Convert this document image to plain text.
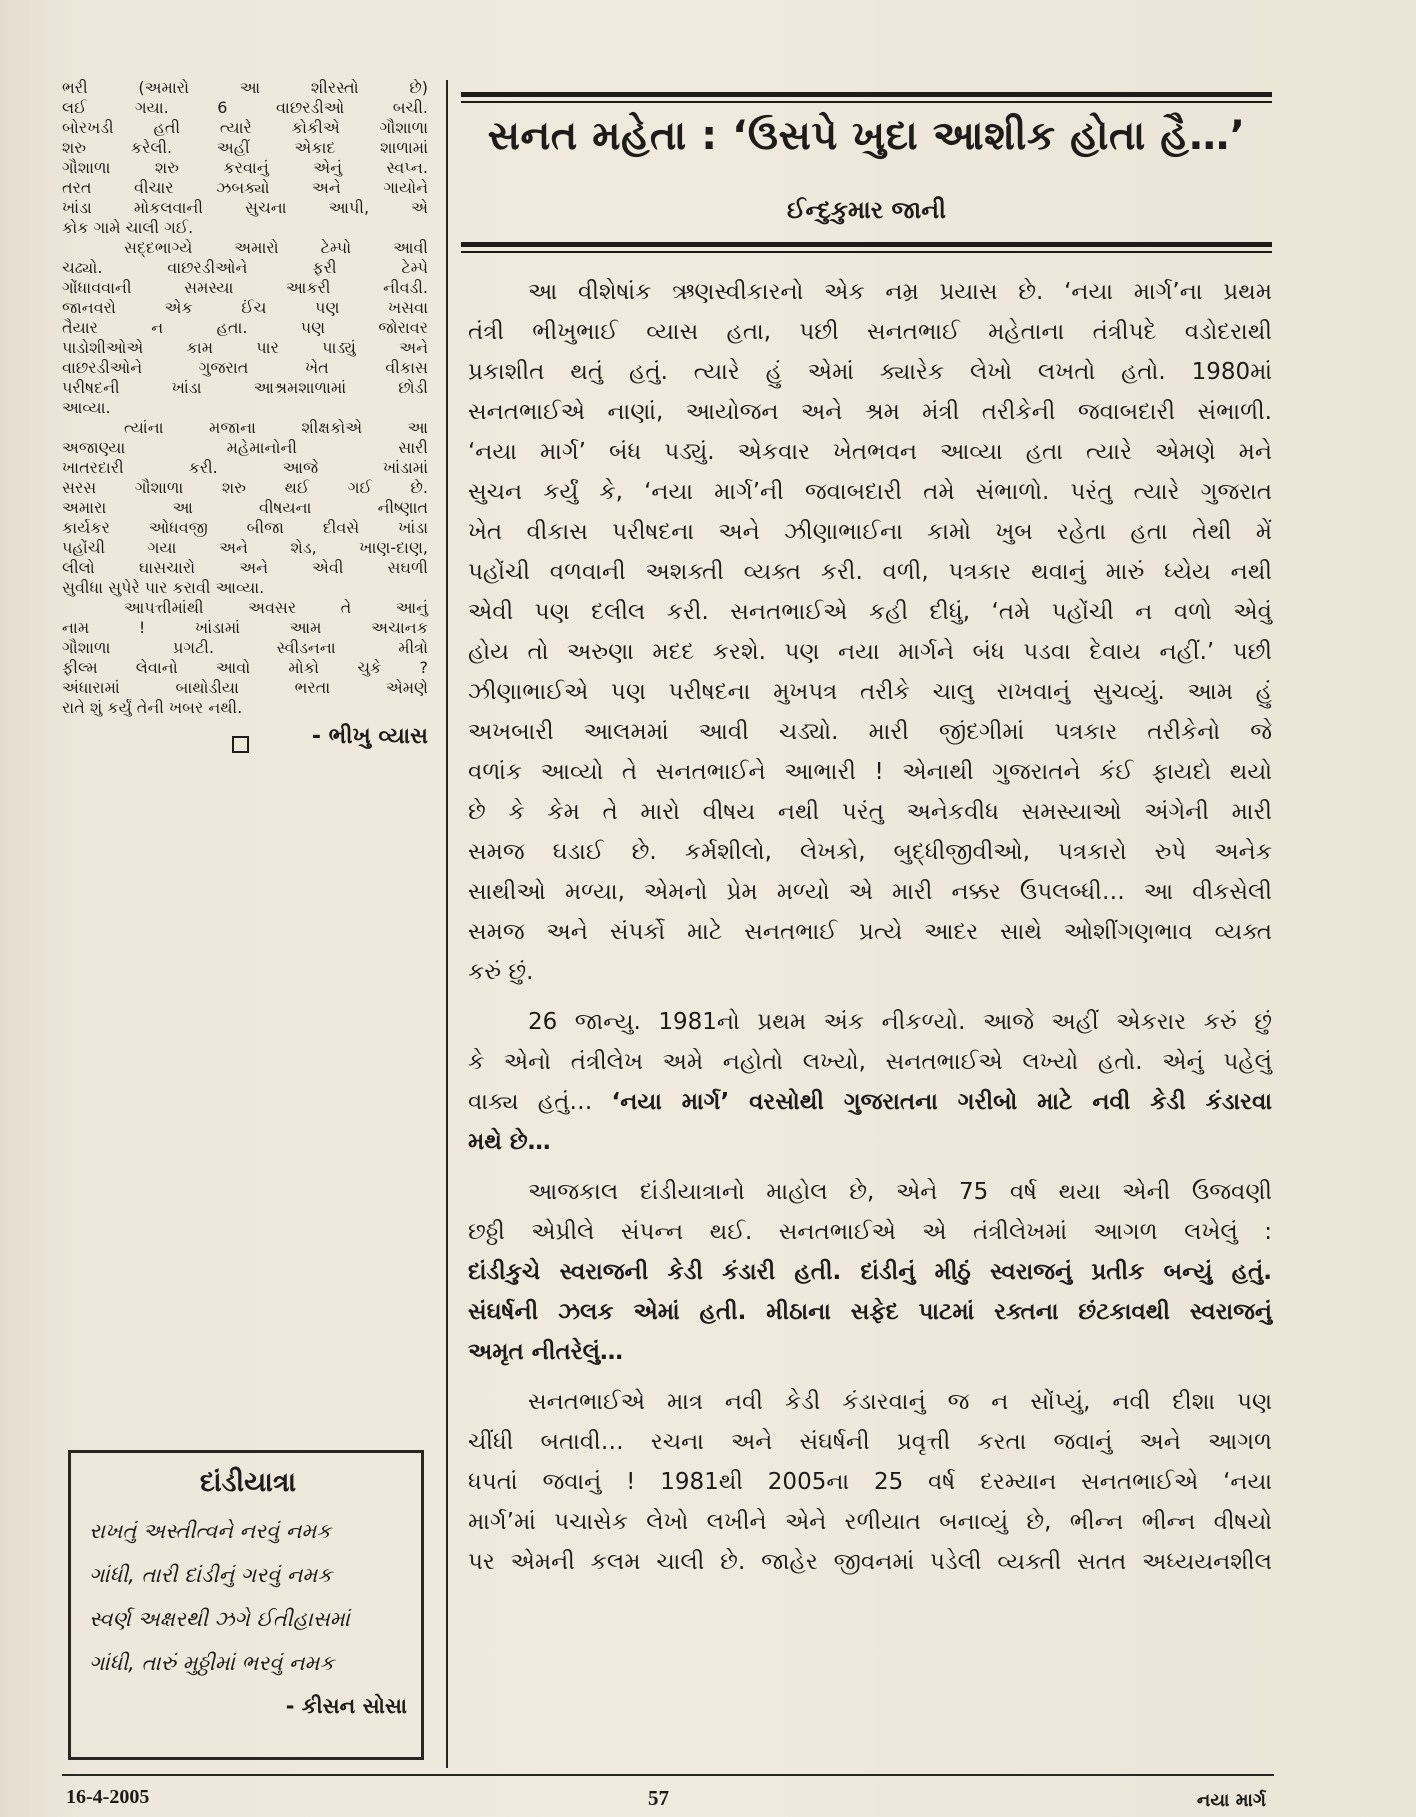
ભરી (અમારો આ શીરસ્તો છે)
લઈ ગયા. 6 વાછરડીઓ બચી.
બોરખડી હતી ત્યારે કોકીએ ગૌશાળા
શરુ કરેલી. અહીં એકાદ શાળામાં
ગૌશાળા શરુ કરવાનું એનું સ્વપ્ન.
તરત વીચાર ઝબક્યો અને ગાયોને
ખાંડા મોકલવાની સુચના આપી, એ
કોક ગામે ચાલી ગઈ.
સદ્દભાગ્યે અમારો ટેમ્પો આવી
ચઢ્યો. વાછરડીઓને ફરી ટેમ્પે
ગોંધાવવાની સમસ્યા આકરી નીવડી.
જાનવરો એક ઈંચ પણ ખસવા
તૈયાર ન હતા. પણ જોરાવર
પાડોશીઓએ કામ પાર પાડ્યું અને
વાછરડીઓને ગુજરાત ખેત વીકાસ
પરીષદની ખાંડા આશ્રમશાળામાં છોડી
આવ્યા.
ત્યાંના મજાના શીક્ષકોએ આ
અજાણ્યા મહેમાનોની સારી
ખાતરદારી કરી. આજે ખાંડામાં
સરસ ગૌશાળા શરુ થઈ ગઈ છે.
અમારા આ વીષયના નીષ્ણાત
કાર્યકર ઓધવજી બીજા દીવસે ખાંડા
પહોંચી ગયા અને શેડ, ખાણ-દાણ,
લીલો ઘાસચારો અને એવી સઘળી
સુવીધા સુપેરે પાર કરાવી આવ્યા.
આપત્તીમાંથી અવસર તે આનું
નામ ! ખાંડામાં આમ અચાનક
ગૌશાળા પ્રગટી. સ્વીડનના મીત્રો
ફીલ્મ લેવાનો આવો મોકો ચુકે ?
અંધારામાં બાથોડીયા ભરતા એમણે
રાતે શું કર્યું તેની ખબર નથી.
- ભીખુ વ્યાસ
દાંડીયાત્રા
રાખતું અસ્તીત્વને નરવું નમક
ગાંધી, તારી દાંડીનું ગરવું નમક
સ્વર્ણ અક્ષરથી ઝગે ઈતીહાસમાં
ગાંધી, તારું મુઠ્ઠીમાં ભરવું નમક
- કીસન સોસા
સનત મહેતા : ‘ઉસપે ખુદા આશીક હોતા હૈ…’
ઈન્દુકુમાર જાની
આ વીશેષાંક ઋણસ્વીકારનો એક નમ્ર પ્રયાસ છે. ‘નયા માર્ગ’ના પ્રથમ
તંત્રી ભીખુભાઈ વ્યાસ હતા, પછી સનતભાઈ મહેતાના તંત્રીપદે વડોદરાથી
પ્રકાશીત થતું હતું. ત્યારે હું એમાં ક્યારેક લેખો લખતો હતો. 1980માં
સનતભાઈએ નાણાં, આયોજન અને શ્રમ મંત્રી તરીકેની જવાબદારી સંભાળી.
‘નયા માર્ગ’ બંધ પડ્યું. એકવાર ખેતભવન આવ્યા હતા ત્યારે એમણે મને
સુચન કર્યું કે, ‘નયા માર્ગ’ની જવાબદારી તમે સંભાળો. પરંતુ ત્યારે ગુજરાત
ખેત વીકાસ પરીષદના અને ઝીણાભાઈના કામો ખુબ રહેતા હતા તેથી મેં
પહોંચી વળવાની અશક્તી વ્યક્ત કરી. વળી, પત્રકાર થવાનું મારું ધ્યેય નથી
એવી પણ દલીલ કરી. સનતભાઈએ કહી દીધું, ‘તમે પહોંચી ન વળો એવું
હોય તો અરુણા મદદ કરશે. પણ નયા માર્ગને બંધ પડવા દેવાય નહીં.’ પછી
ઝીણાભાઈએ પણ પરીષદના મુખપત્ર તરીકે ચાલુ રાખવાનું સુચવ્યું. આમ હું
અખબારી આલમમાં આવી ચડ્યો. મારી જીંદગીમાં પત્રકાર તરીકેનો જે
વળાંક આવ્યો તે સનતભાઈને આભારી ! એનાથી ગુજરાતને કંઈ ફાયદો થયો
છે કે કેમ તે મારો વીષય નથી પરંતુ અનેકવીધ સમસ્યાઓ અંગેની મારી
સમજ ઘડાઈ છે. કર્મશીલો, લેખકો, બુદ્ધીજીવીઓ, પત્રકારો રુપે અનેક
સાથીઓ મળ્યા, એમનો પ્રેમ મળ્યો એ મારી નક્કર ઉપલબ્ધી… આ વીકસેલી
સમજ અને સંપર્કો માટે સનતભાઈ પ્રત્યે આદર સાથે ઓશીંગણભાવ વ્યક્ત
કરું છું.
26 જાન્યુ. 1981નો પ્રથમ અંક નીકળ્યો. આજે અહીં એકરાર કરું છું
કે એનો તંત્રીલેખ અમે નહોતો લખ્યો, સનતભાઈએ લખ્યો હતો. એનું પહેલું
વાક્ય હતું… ‘નયા માર્ગ’ વરસોથી ગુજરાતના ગરીબો માટે નવી કેડી કંડારવા
મથે છે…
આજકાલ દાંડીયાત્રાનો માહોલ છે, એને 75 વર્ષ થયા એની ઉજવણી
છઠ્ઠી એપ્રીલે સંપન્ન થઈ. સનતભાઈએ એ તંત્રીલેખમાં આગળ લખેલું :
દાંડીકુચે સ્વરાજની કેડી કંડારી હતી. દાંડીનું મીઠું સ્વરાજનું પ્રતીક બન્યું હતું.
સંઘર્ષની ઝલક એમાં હતી. મીઠાના સફેદ પાટમાં રક્તના છંટકાવથી સ્વરાજનું
અમૃત નીતરેલું…
સનતભાઈએ માત્ર નવી કેડી કંડારવાનું જ ન સોંપ્યું, નવી દીશા પણ
ચીંધી બતાવી… રચના અને સંઘર્ષની પ્રવૃત્તી કરતા જવાનું અને આગળ
ધપતાં જવાનું ! 1981થી 2005ના 25 વર્ષ દરમ્યાન સનતભાઈએ ‘નયા
માર્ગ’માં પચાસેક લેખો લખીને એને રળીયાત બનાવ્યું છે, ભીન્ન ભીન્ન વીષયો
પર એમની કલમ ચાલી છે. જાહેર જીવનમાં પડેલી વ્યક્તી સતત અધ્યયનશીલ
16-4-2005	57	નયા માર્ગ
